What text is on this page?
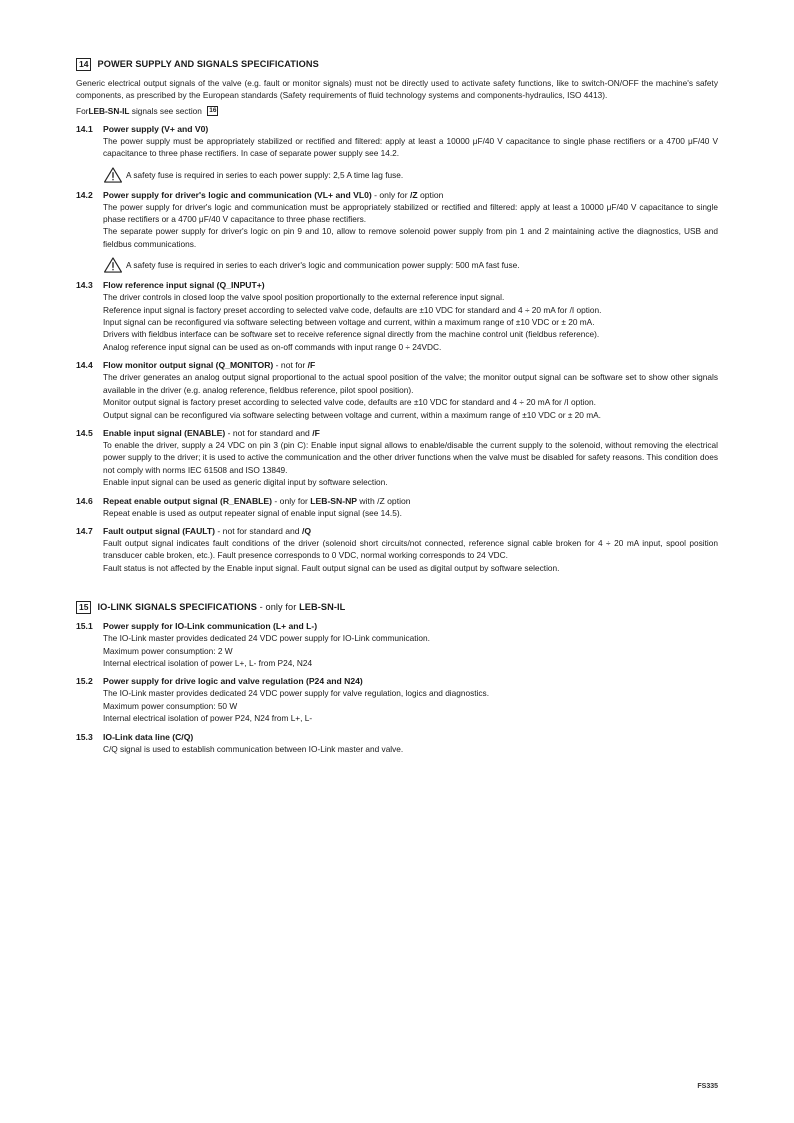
14 POWER SUPPLY AND SIGNALS SPECIFICATIONS

Generic electrical output signals of the valve (e.g. fault or monitor signals) must not be directly used to activate safety functions, like to switch-ON/OFF the machine's safety components, as prescribed by the European standards (Safety requirements of fluid technology systems and components-hydraulics, ISO 4413).

For LEB-SN-IL signals see section 16
14.1	Power supply (V+ and V0)

The power supply must be appropriately stabilized or rectified and filtered: apply at least a 10000 μF/40 V capacitance to single phase rectifiers or a 4700 μF/40 V capacitance to three phase rectifiers. In case of separate power supply see 14.2.

A safety fuse is required in series to each power supply: 2,5 A time lag fuse.
14.2	Power supply for driver's logic and communication (VL+ and VL0) - only for /Z option

The power supply for driver's logic and communication must be appropriately stabilized or rectified and filtered: apply at least a 10000 μF/40 V capacitance to single phase rectifiers or a 4700 μF/40 V capacitance to three phase rectifiers.

The separate power supply for driver's logic on pin 9 and 10, allow to remove solenoid power supply from pin 1 and 2 maintaining active the diagnostics, USB and fieldbus communications.

A safety fuse is required in series to each driver's logic and communication power supply: 500 mA fast fuse.
14.3	Flow reference input signal (Q_INPUT+)

The driver controls in closed loop the valve spool position proportionally to the external reference input signal.

Reference input signal is factory preset according to selected valve code, defaults are ±10 VDC for standard and 4 ÷ 20 mA for /I option.

Input signal can be reconfigured via software selecting between voltage and current, within a maximum range of ±10 VDC or ± 20 mA.

Drivers with fieldbus interface can be software set to receive reference signal directly from the machine control unit (fieldbus reference).

Analog reference input signal can be used as on-off commands with input range 0 ÷ 24VDC.

14.4	Flow monitor output signal (Q_MONITOR) - not for /F

The driver generates an analog output signal proportional to the actual spool position of the valve; the monitor output signal can be software set to show other signals available in the driver (e.g. analog reference, fieldbus reference, pilot spool position).

Monitor output signal is factory preset according to selected valve code, defaults are ±10 VDC for standard and 4 ÷ 20 mA for /I option.

Output signal can be reconfigured via software selecting between voltage and current, within a maximum range of ±10 VDC or ± 20 mA.

14.5	Enable input signal (ENABLE) - not for standard and /F

To enable the driver, supply a 24 VDC on pin 3 (pin C): Enable input signal allows to enable/disable the current supply to the solenoid, without removing the electrical power supply to the driver; it is used to active the communication and the other driver functions when the valve must be disabled for safety reasons. This condition does not comply with norms IEC 61508 and ISO 13849.

Enable input signal can be used as generic digital input by software selection.

14.6	Repeat enable output signal (R_ENABLE) - only for LEB-SN-NP with /Z option

Repeat enable is used as output repeater signal of enable input signal (see 14.5).

14.7	Fault output signal (FAULT) - not for standard and /Q

Fault output signal indicates fault conditions of the driver (solenoid short circuits/not connected, reference signal cable broken for 4 ÷ 20 mA input, spool position transducer cable broken, etc.). Fault presence corresponds to 0 VDC, normal working corresponds to 24 VDC.

Fault status is not affected by the Enable input signal. Fault output signal can be used as digital output by software selection.

15 IO-LINK SIGNALS SPECIFICATIONS - only for LEB-SN-IL
15.1	Power supply for IO-Link communication (L+ and L-)

The IO-Link master provides dedicated 24 VDC power supply for IO-Link communication.

Maximum power consumption: 2 W

Internal electrical isolation of power L+, L- from P24, N24

15.2	Power supply for drive logic and valve regulation (P24 and N24)

The IO-Link master provides dedicated 24 VDC power supply for valve regulation, logics and diagnostics.

Maximum power consumption: 50 W

Internal electrical isolation of power P24, N24 from L+, L-

15.3	IO-Link data line (C/Q)

C/Q signal is used to establish communication between IO-Link master and valve.

FS335
